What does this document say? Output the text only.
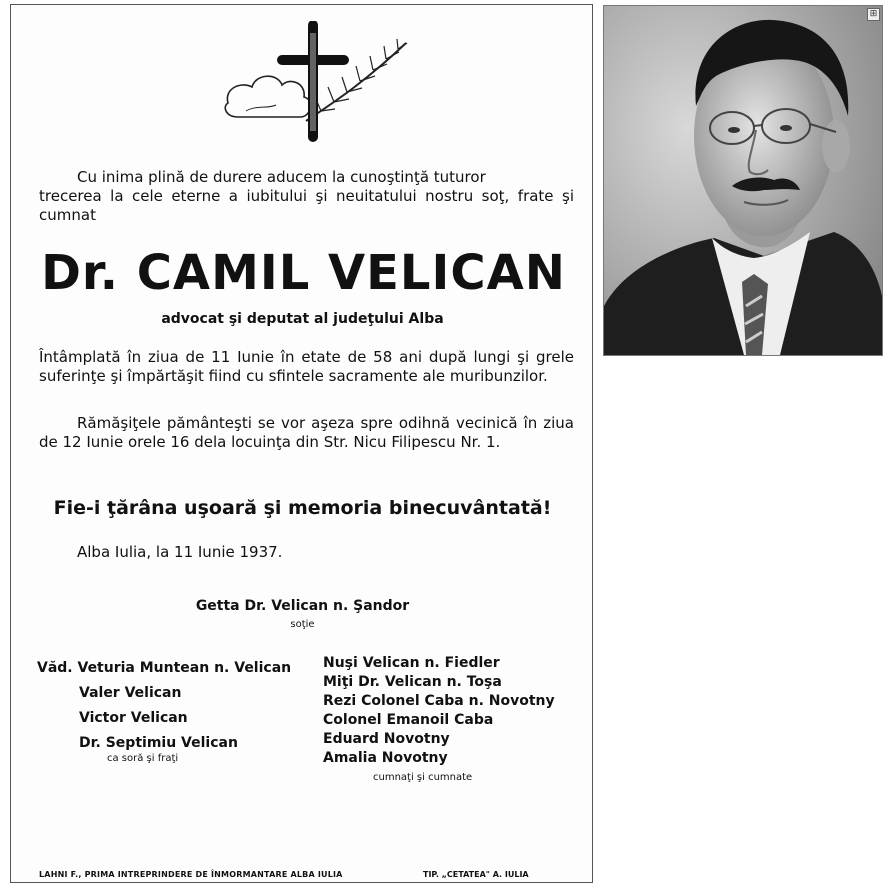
Cu inima plină de durere aducem la cunoştinţă tuturor
trecerea la cele eterne a iubitului şi neuitatului nostru soţ, frate şi cumnat

Dr. CAMIL VELICAN
advocat şi deputat al judeţului Alba

Întâmplată în ziua de 11 Iunie în etate de 58 ani după lungi şi grele suferinţe şi împărtăşit fiind cu sfintele sacramente ale muribunzilor.

Rămăşiţele pământeşti se vor aşeza spre odihnă vecinică în ziua de 12 Iunie orele 16 dela locuinţa din Str. Nicu Filipescu Nr. 1.

Fie-i ţărâna uşoară şi memoria binecuvântată!
Alba Iulia, la 11 Iunie 1937.
Getta Dr. Velican n. Şandor
soţie
Văd. Veturia Muntean n. Velican
Valer Velican
Victor Velican
Dr. Septimiu Velican
ca soră şi fraţi
Nuşi Velican n. Fiedler
Miţi Dr. Velican n. Toşa
Rezi Colonel Caba n. Novotny
Colonel Emanoil Caba
Eduard Novotny
Amalia Novotny
cumnaţi şi cumnate
LAHNI F., PRIMA INTREPRINDERE DE ÎNMORMANTARE ALBA IULIA	TIP. „CETATEA" A. IULIA
⊞
